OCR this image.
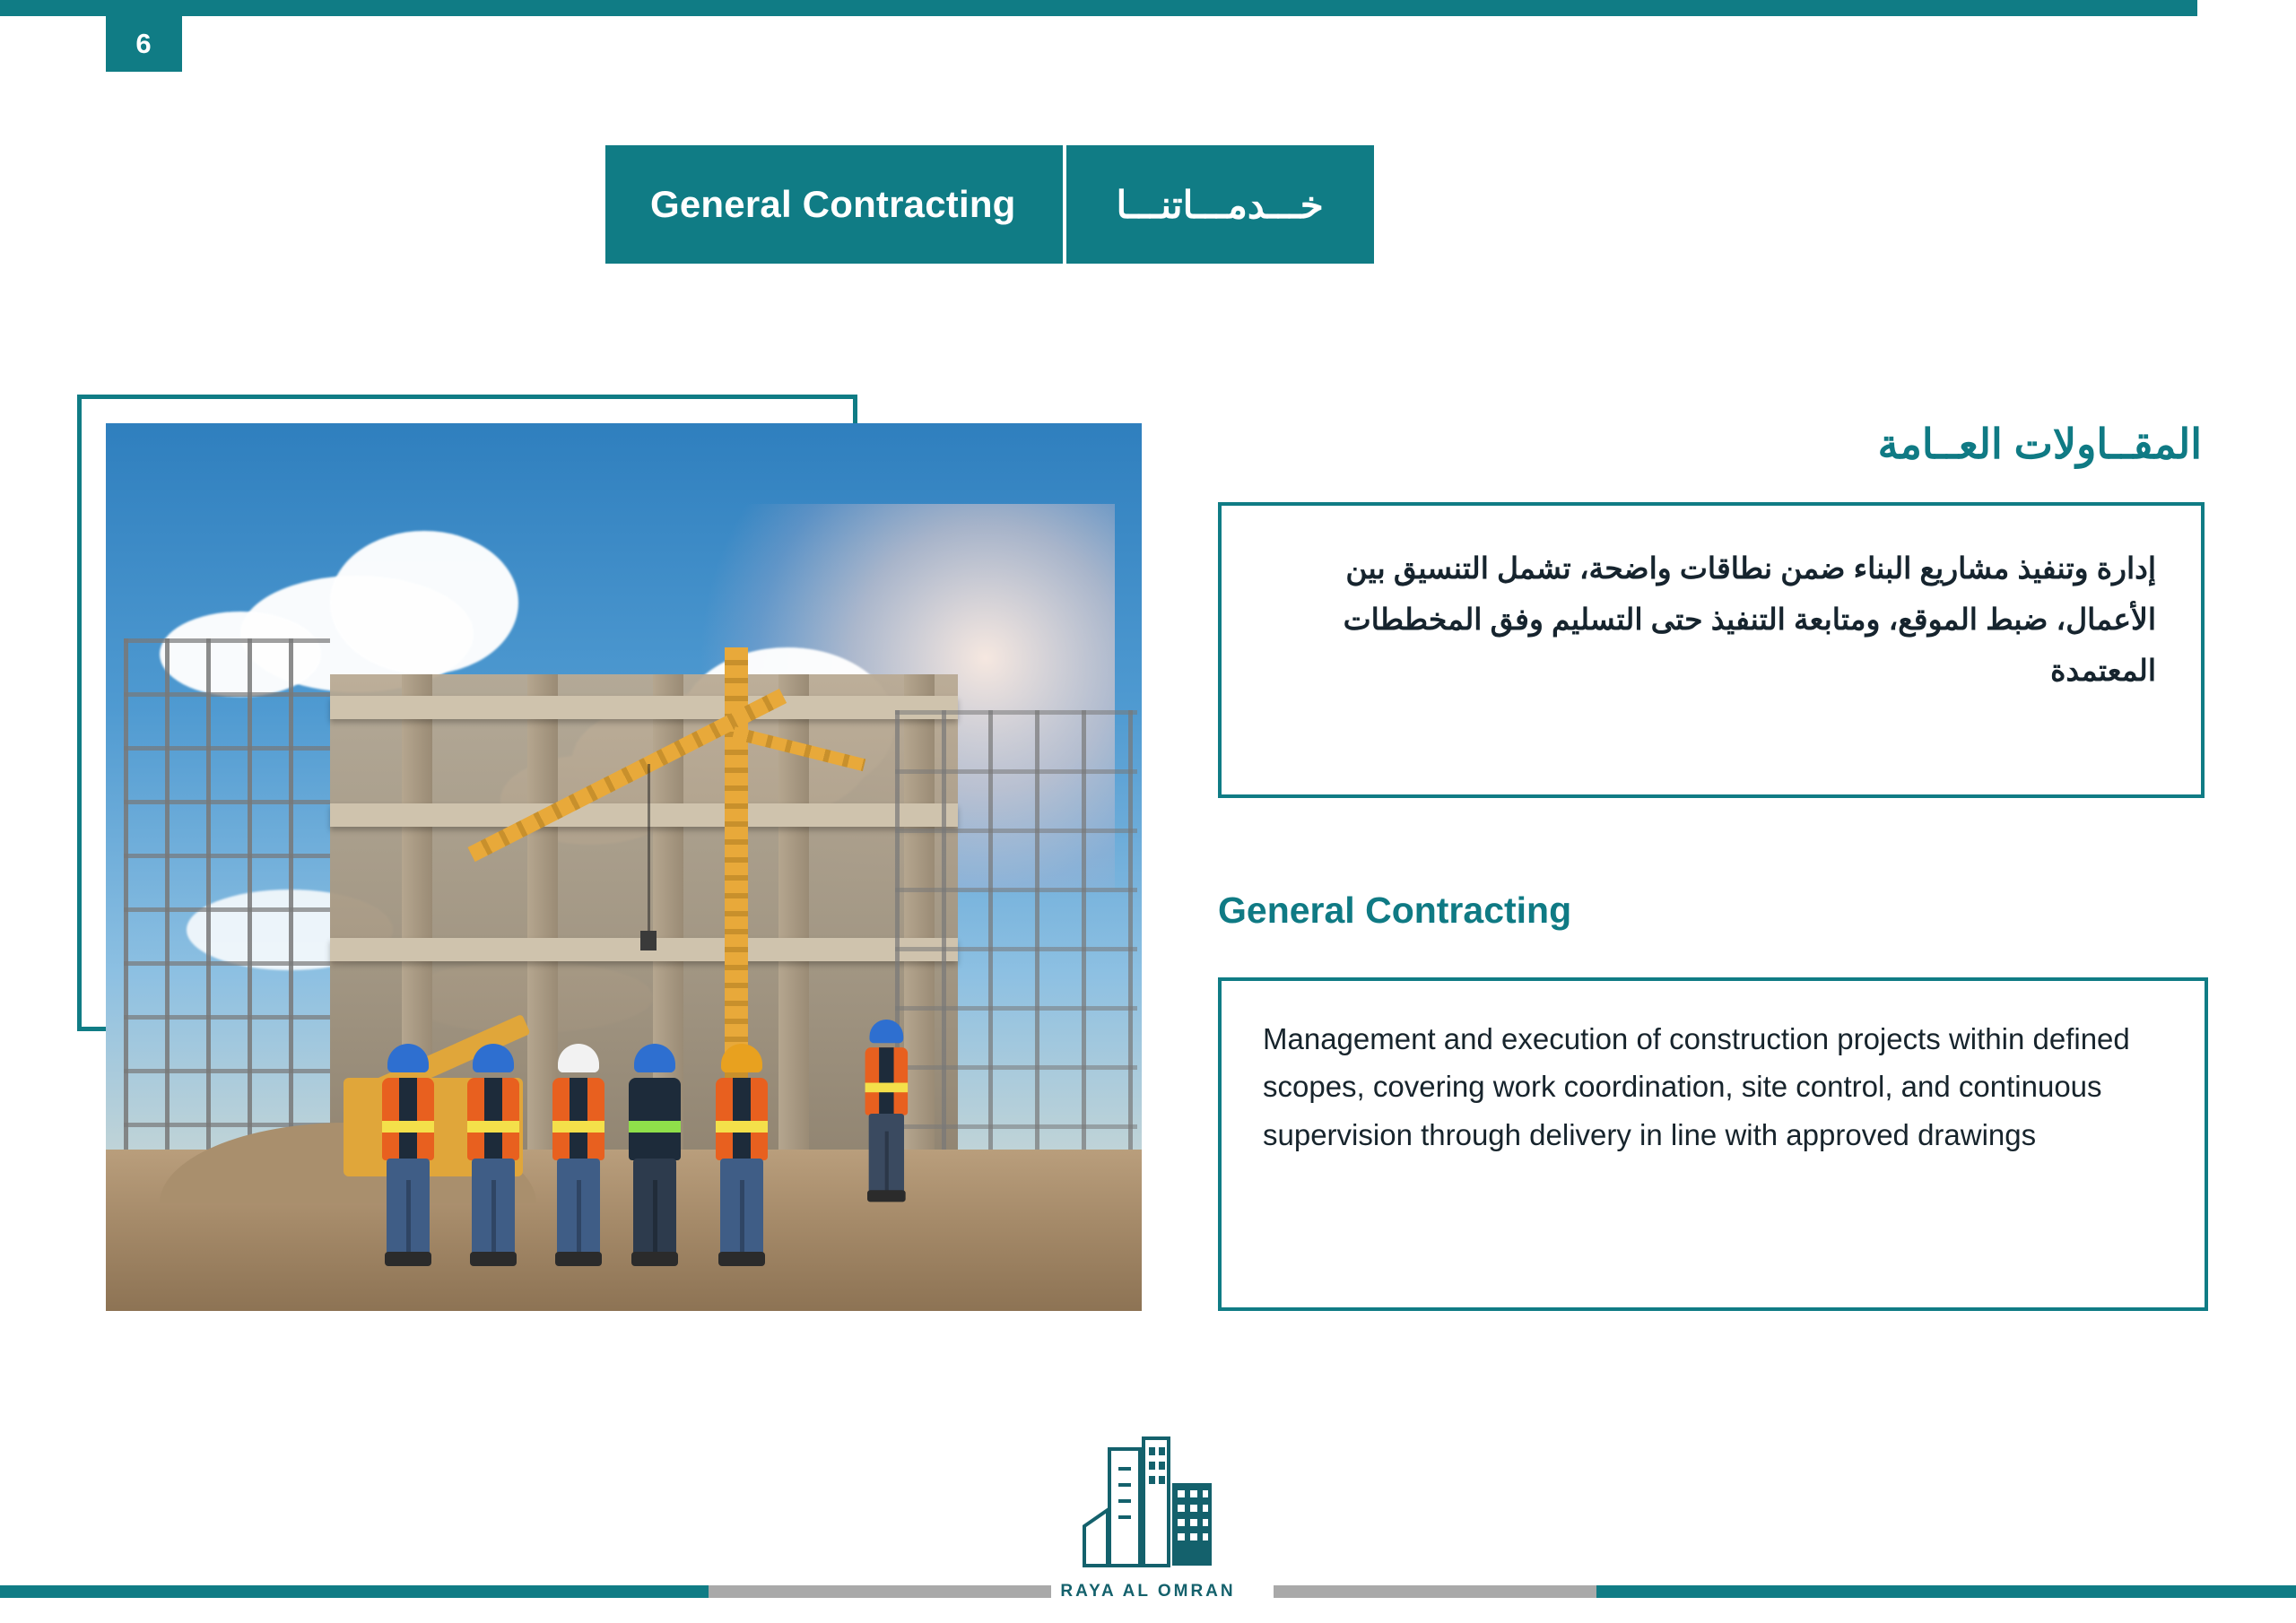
6
General Contracting	خـــدمـــاتنـــا
المقــاولات العــامة
إدارة وتنفيذ مشاريع البناء ضمن نطاقات واضحة، تشمل التنسيق بين الأعمال، ضبط الموقع، ومتابعة التنفيذ حتى التسليم وفق المخططات المعتمدة
General Contracting
Management and execution of construction projects within defined scopes, covering work coordination, site control, and continuous supervision through delivery in line with approved drawings
RAYA AL OMRAN
